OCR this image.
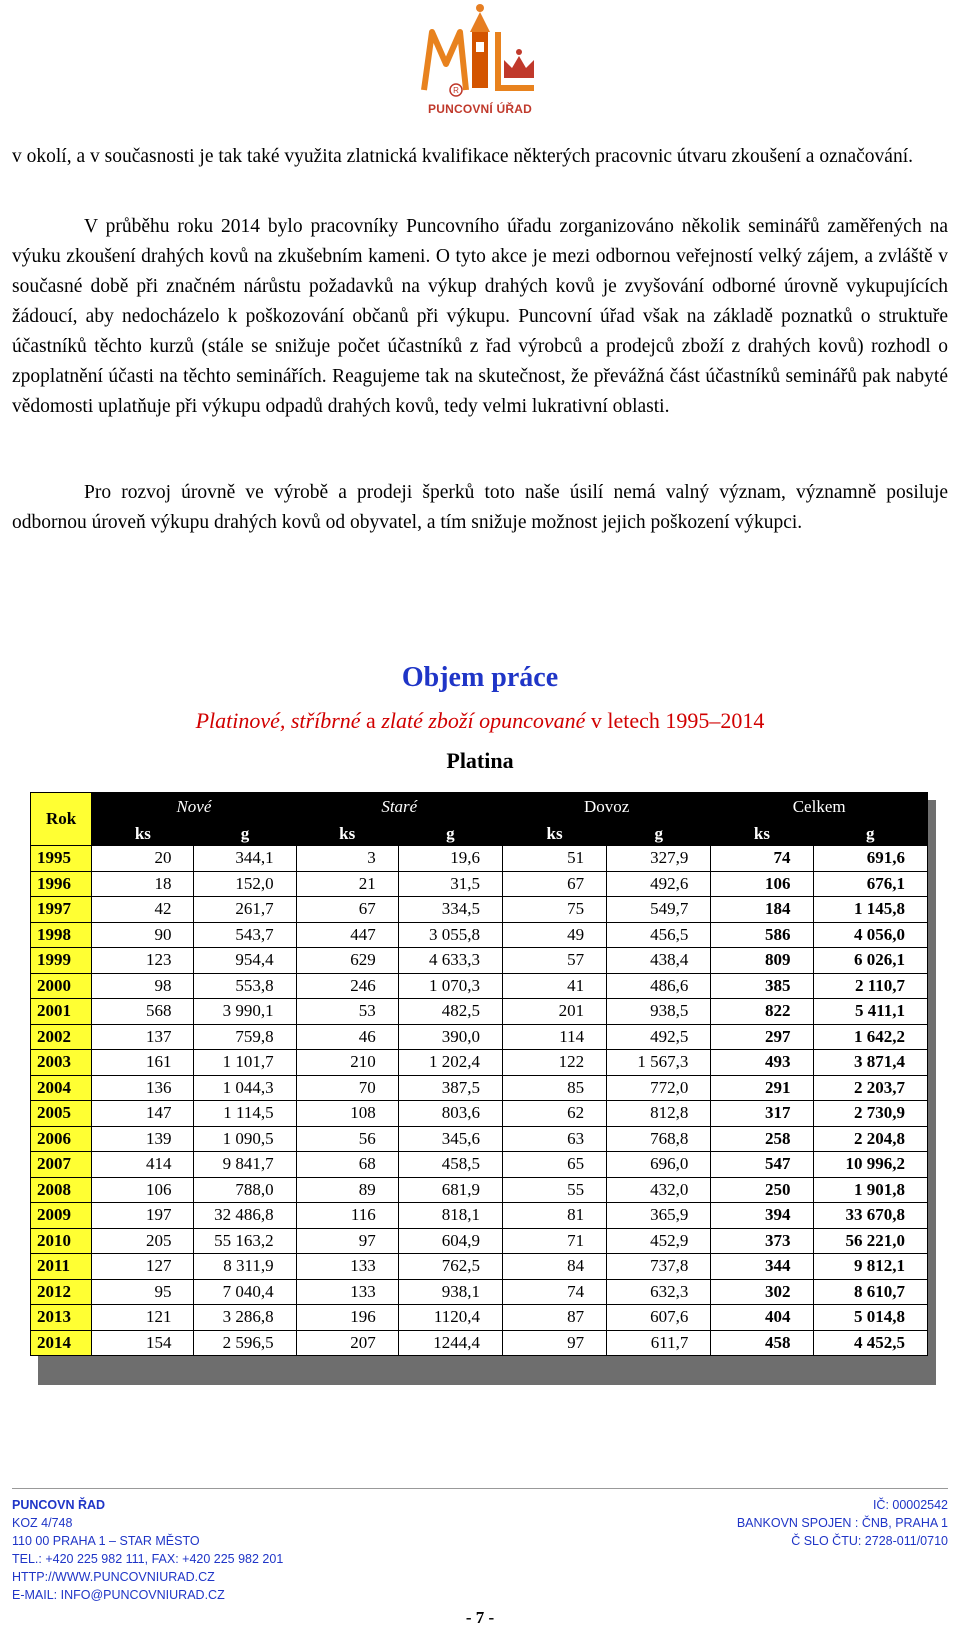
R
PUNCOVNÍ ÚŘAD

v okolí, a v současnosti je tak také využita zlatnická kvalifikace některých pracovnic útvaru zkoušení a označování.

V průběhu roku 2014 bylo pracovníky Puncovního úřadu zorganizováno několik seminářů zaměřených na výuku zkoušení drahých kovů na zkušebním kameni. O tyto akce je mezi odbornou veřejností velký zájem, a zvláště v současné době při značném nárůstu požadavků na výkup drahých kovů je zvyšování odborné úrovně vykupujících žádoucí, aby nedocházelo k poškozování občanů při výkupu. Puncovní úřad však na základě poznatků o struktuře účastníků těchto kurzů (stále se snižuje počet účastníků z řad výrobců a prodejců zboží z drahých kovů) rozhodl o zpoplatnění účasti na těchto seminářích. Reagujeme tak na skutečnost, že převážná část účastníků seminářů pak nabyté vědomosti uplatňuje při výkupu odpadů drahých kovů, tedy velmi lukrativní oblasti.

Pro rozvoj úrovně ve výrobě a prodeji šperků toto naše úsilí nemá valný význam, významně posiluje odbornou úroveň výkupu drahých kovů od obyvatel, a tím snižuje možnost jejich poškození výkupci.

Objem práce
Platinové, stříbrné a zlaté zboží opuncované v letech 1995–2014
Platina
Rok	Nové		Staré		Dovoz		Celkem	
	ks	g	ks	g	ks	g	ks	g
1995	20	344,1	3	19,6	51	327,9	74	691,6
1996	18	152,0	21	31,5	67	492,6	106	676,1
1997	42	261,7	67	334,5	75	549,7	184	1 145,8
1998	90	543,7	447	3 055,8	49	456,5	586	4 056,0
1999	123	954,4	629	4 633,3	57	438,4	809	6 026,1
2000	98	553,8	246	1 070,3	41	486,6	385	2 110,7
2001	568	3 990,1	53	482,5	201	938,5	822	5 411,1
2002	137	759,8	46	390,0	114	492,5	297	1 642,2
2003	161	1 101,7	210	1 202,4	122	1 567,3	493	3 871,4
2004	136	1 044,3	70	387,5	85	772,0	291	2 203,7
2005	147	1 114,5	108	803,6	62	812,8	317	2 730,9
2006	139	1 090,5	56	345,6	63	768,8	258	2 204,8
2007	414	9 841,7	68	458,5	65	696,0	547	10 996,2
2008	106	788,0	89	681,9	55	432,0	250	1 901,8
2009	197	32 486,8	116	818,1	81	365,9	394	33 670,8
2010	205	55 163,2	97	604,9	71	452,9	373	56 221,0
2011	127	8 311,9	133	762,5	84	737,8	344	9 812,1
2012	95	7 040,4	133	938,1	74	632,3	302	8 610,7
2013	121	3 286,8	196	1120,4	87	607,6	404	5 014,8
2014	154	2 596,5	207	1244,4	97	611,7	458	4 452,5
PUNCOVN ŘAD
KOZ 4/748
110 00 PRAHA 1 – STAR MĚSTO
TEL.: +420 225 982 111, FAX: +420 225 982 201
HTTP://WWW.PUNCOVNIURAD.CZ
E-MAIL: INFO@PUNCOVNIURAD.CZ
IČ: 00002542
BANKOVN SPOJEN : ČNB, PRAHA 1
Č SLO ČTU: 2728-011/0710
- 7 -
